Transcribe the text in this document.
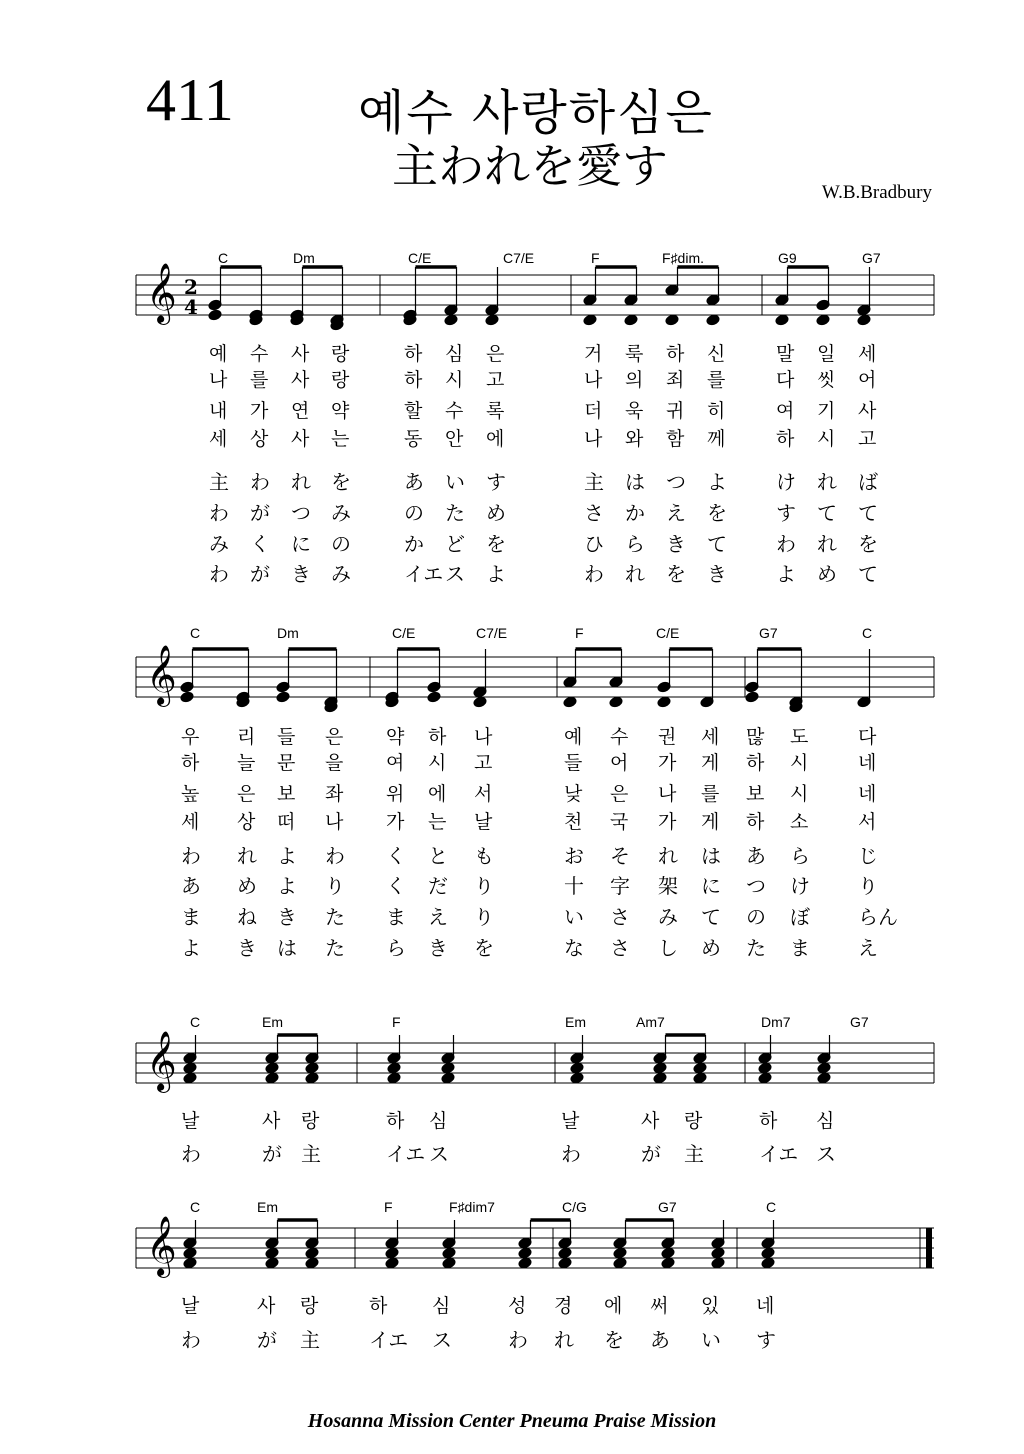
411	예수 사랑하심은
主われを愛す	W.B.Bradbury
𝄞 2
4
C	Dm	C/E	C7/E	F	F♯dim.	G9	G7
𝄞
C	Dm	C/E	C7/E	F	C/E	G7	C
𝄞
C	Em	F	Em	Am7	Dm7	G7
𝄞
C	Em	F	F♯dim7	C/G	G7	C
예 수 사 랑	하 심 은	거 룩 하 신	말 일 세
나 를 사 랑	하 시 고	나 의 죄 를	다 씻 어
내 가 연 약	할 수 록	더 욱 귀 히	여 기 사
세 상 사 는	동 안 에	나 와 함 께	하 시 고
主 わ れ を	あ い す	主 は つ よ け れ ば
わ が つ み	の た め	さ か え を す て て
み く に の	か ど を	ひ ら き て わ れ を
わ が き み	イエ ス よ	わ れ を き よ め て
우 리 들 은 약 하 나	예 수 권 세 많 도	다
하 늘 문 을 여 시 고	들 어 가 게 하 시	네
높 은 보 좌 위 에 서	낮 은 나 를 보 시	네
세 상 떠 나 가 는 날	천 국 가 게 하 소	서
わ れ よ わ く と も	お そ れ は あ ら じ
あ め よ り く だ り	十 字 架 に つ け り
ま ね き た ま え り	い さ み て の ぼ らん
よ き は た ら き を	な さ し め た ま え
날	사 랑	하 심	날	사 랑	하 심
わ	が 主	イエ ス	わ	が 主	イエ ス
날	사 랑	하 심	성 경 에 써 있 네
わ	が 主 イエ ス	わ れ を あ い す
Hosanna Mission Center Pneuma Praise Mission
